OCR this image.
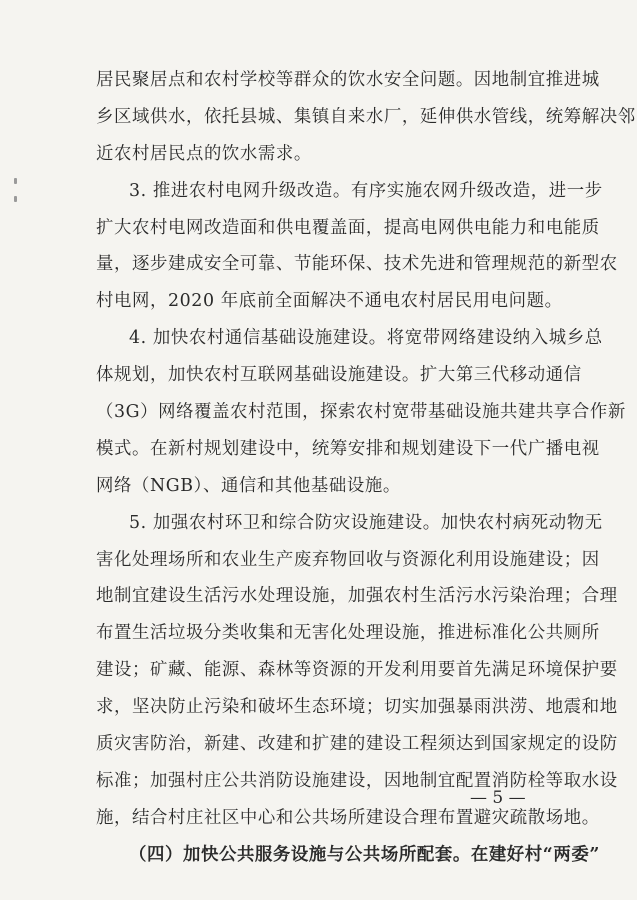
居民聚居点和农村学校等群众的饮水安全问题。因地制宜推进城
乡区域供水，依托县城、集镇自来水厂，延伸供水管线，统筹解决邻
近农村居民点的饮水需求。
3. 推进农村电网升级改造。有序实施农网升级改造，进一步
扩大农村电网改造面和供电覆盖面，提高电网供电能力和电能质
量，逐步建成安全可靠、节能环保、技术先进和管理规范的新型农
村电网，2020 年底前全面解决不通电农村居民用电问题。
4. 加快农村通信基础设施建设。将宽带网络建设纳入城乡总
体规划，加快农村互联网基础设施建设。扩大第三代移动通信
（3G）网络覆盖农村范围，探索农村宽带基础设施共建共享合作新
模式。在新村规划建设中，统筹安排和规划建设下一代广播电视
网络（NGB）、通信和其他基础设施。
5. 加强农村环卫和综合防灾设施建设。加快农村病死动物无
害化处理场所和农业生产废弃物回收与资源化利用设施建设；因
地制宜建设生活污水处理设施，加强农村生活污水污染治理；合理
布置生活垃圾分类收集和无害化处理设施，推进标准化公共厕所
建设；矿藏、能源、森林等资源的开发利用要首先满足环境保护要
求，坚决防止污染和破坏生态环境；切实加强暴雨洪涝、地震和地
质灾害防治，新建、改建和扩建的建设工程须达到国家规定的设防
标准；加强村庄公共消防设施建设，因地制宜配置消防栓等取水设
施，结合村庄社区中心和公共场所建设合理布置避灾疏散场地。
（四）加快公共服务设施与公共场所配套。在建好村“两委”
— 5 —
